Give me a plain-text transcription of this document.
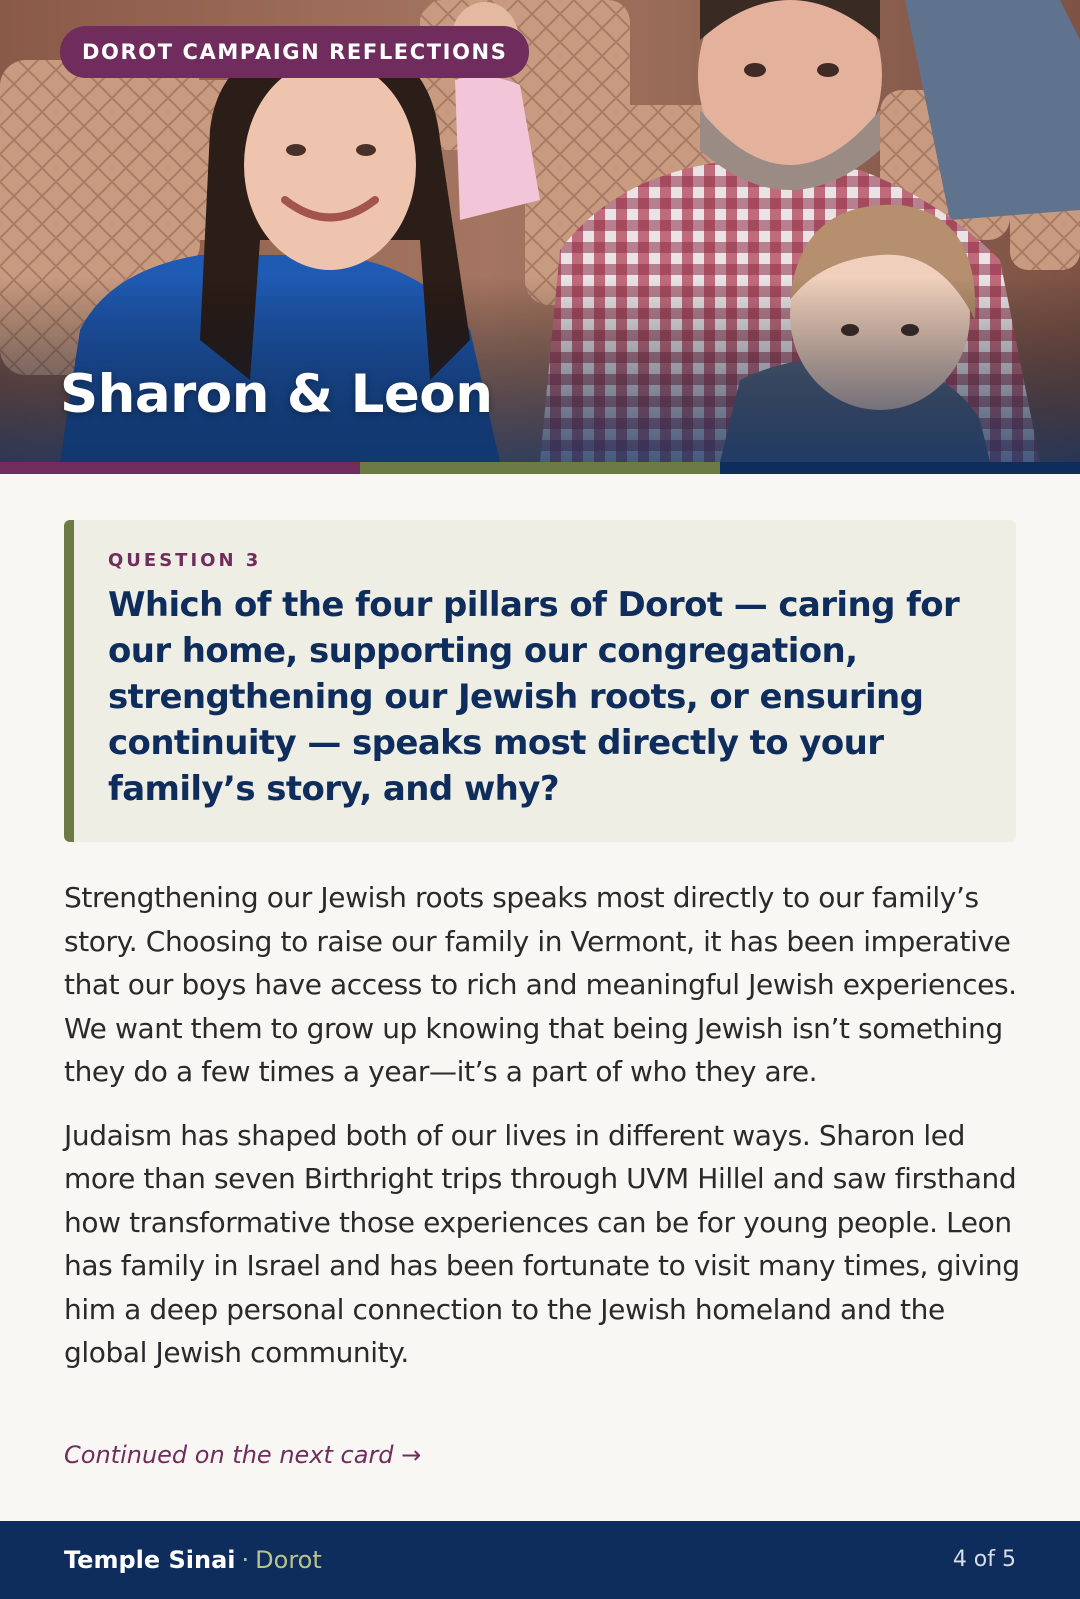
DOROT CAMPAIGN REFLECTIONS
Sharon & Leon
QUESTION 3

Which of the four pillars of Dorot — caring for our home, supporting our congregation, strengthening our Jewish roots, or ensuring continuity — speaks most directly to your family’s story, and why?

Strengthening our Jewish roots speaks most directly to our family’s story. Choosing to raise our family in Vermont, it has been imperative that our boys have access to rich and meaningful Jewish experiences. We want them to grow up knowing that being Jewish isn’t something they do a few times a year—it’s a part of who they are.

Judaism has shaped both of our lives in different ways. Sharon led more than seven Birthright trips through UVM Hillel and saw firsthand how transformative those experiences can be for young people. Leon has family in Israel and has been fortunate to visit many times, giving him a deep personal connection to the Jewish homeland and the global Jewish community.

Continued on the next card →
Temple Sinai · Dorot	4 of 5
